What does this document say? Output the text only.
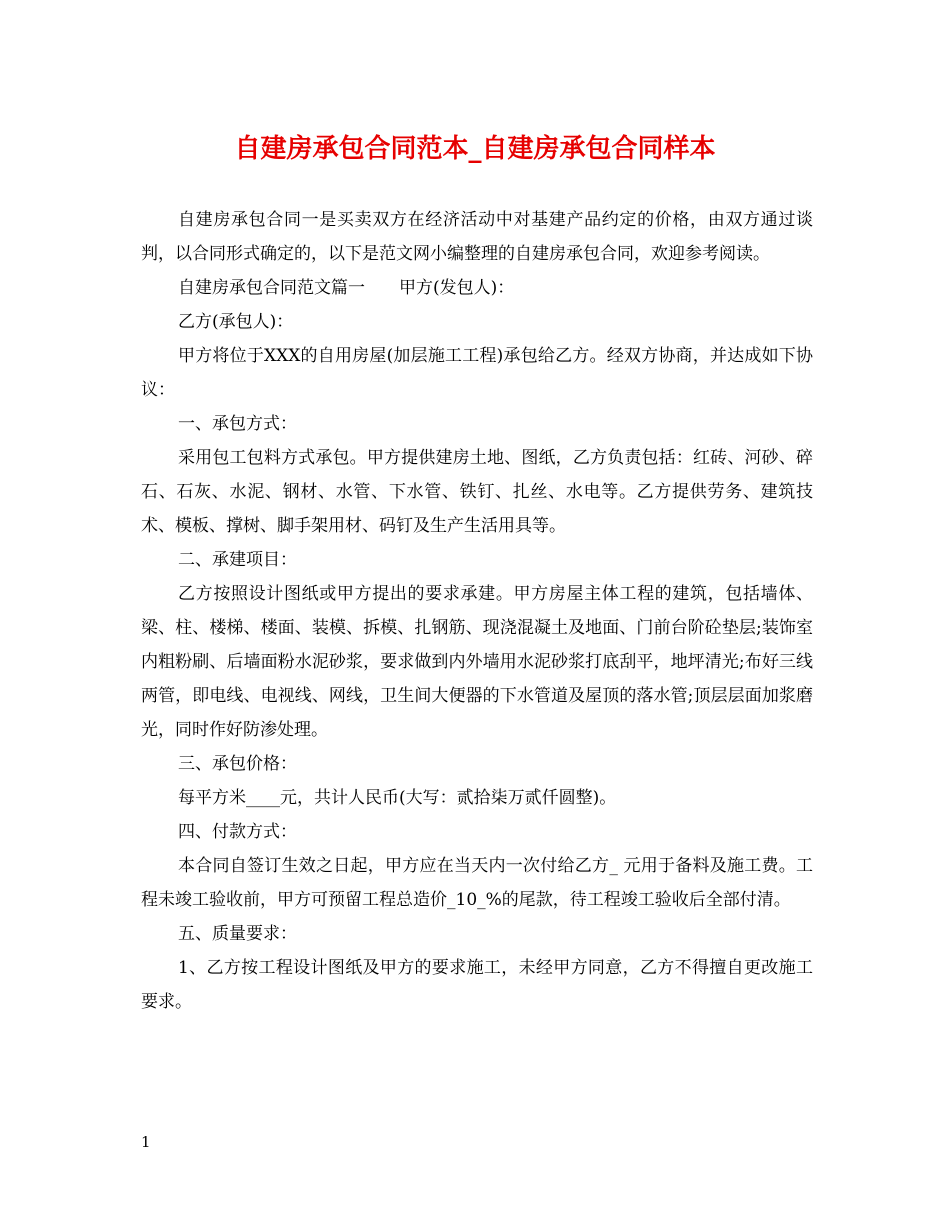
自建房承包合同范本_自建房承包合同样本

自建房承包合同一是买卖双方在经济活动中对基建产品约定的价格，由双方通过谈判，以合同形式确定的，以下是范文网小编整理的自建房承包合同，欢迎参考阅读。

自建房承包合同范文篇一　　甲方(发包人)：

乙方(承包人)：

甲方将位于XXX的自用房屋(加层施工工程)承包给乙方。经双方协商，并达成如下协议：

一、承包方式：

采用包工包料方式承包。甲方提供建房土地、图纸，乙方负责包括：红砖、河砂、碎石、石灰、水泥、钢材、水管、下水管、铁钉、扎丝、水电等。乙方提供劳务、建筑技术、模板、撑树、脚手架用材、码钉及生产生活用具等。

二、承建项目：

乙方按照设计图纸或甲方提出的要求承建。甲方房屋主体工程的建筑，包括墙体、梁、柱、楼梯、楼面、装模、拆模、扎钢筋、现浇混凝土及地面、门前台阶砼垫层;装饰室内粗粉刷、后墙面粉水泥砂浆，要求做到内外墙用水泥砂浆打底刮平，地坪清光;布好三线两管，即电线、电视线、网线，卫生间大便器的下水管道及屋顶的落水管;顶层层面加浆磨光，同时作好防渗处理。

三、承包价格：

每平方米____元，共计人民币(大写：贰拾柒万贰仟圆整)。

四、付款方式：

本合同自签订生效之日起，甲方应在当天内一次付给乙方_ 元用于备料及施工费。工程未竣工验收前，甲方可预留工程总造价_10_%的尾款，待工程竣工验收后全部付清。

五、质量要求：

1、乙方按工程设计图纸及甲方的要求施工，未经甲方同意，乙方不得擅自更改施工要求。

1
